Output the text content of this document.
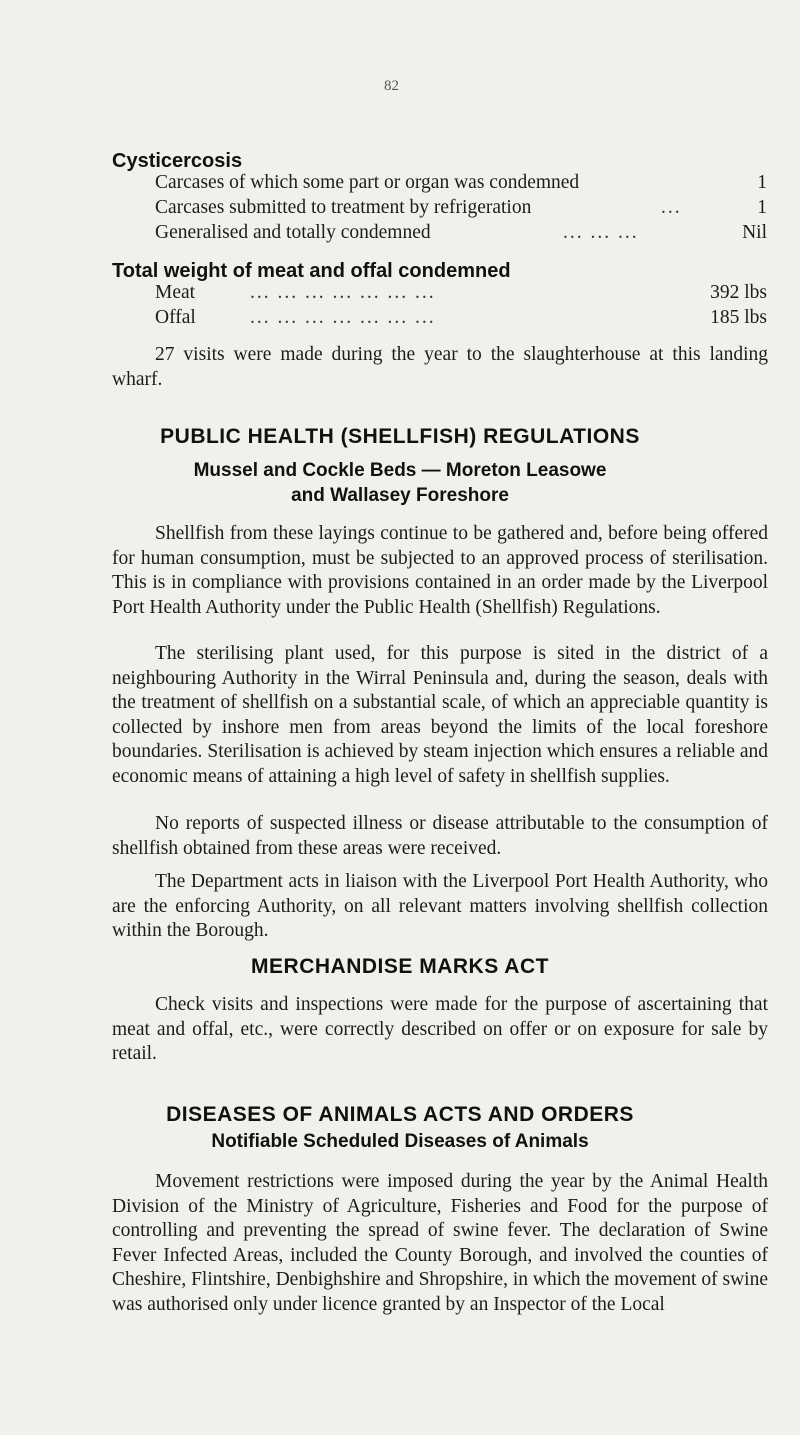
82
Cysticercosis
Carcases of which some part or organ was condemned	1
Carcases submitted to treatment by refrigeration	...	1
Generalised and totally condemned	... ... ...	Nil
Total weight of meat and offal condemned
Meat	... ... ... ... ... ... ...	392 lbs
Offal	... ... ... ... ... ... ...	185 lbs
27 visits were made during the year to the slaughterhouse at this landing wharf.
PUBLIC HEALTH (SHELLFISH) REGULATIONS
Mussel and Cockle Beds — Moreton Leasowe
and Wallasey Foreshore
Shellfish from these layings continue to be gathered and, before being offered for human consumption, must be subjected to an approved process of sterilisation. This is in compliance with provisions contained in an order made by the Liverpool Port Health Authority under the Public Health (Shellfish) Regulations.
The sterilising plant used, for this purpose is sited in the district of a neighbouring Authority in the Wirral Peninsula and, during the season, deals with the treatment of shellfish on a substantial scale, of which an appreciable quantity is collected by inshore men from areas beyond the limits of the local foreshore boundaries. Sterilisation is achieved by steam injection which ensures a reliable and economic means of attaining a high level of safety in shellfish supplies.
No reports of suspected illness or disease attributable to the consumption of shellfish obtained from these areas were received.
The Department acts in liaison with the Liverpool Port Health Authority, who are the enforcing Authority, on all relevant matters involving shellfish collection within the Borough.
MERCHANDISE MARKS ACT
Check visits and inspections were made for the purpose of ascertaining that meat and offal, etc., were correctly described on offer or on exposure for sale by retail.
DISEASES OF ANIMALS ACTS AND ORDERS
Notifiable Scheduled Diseases of Animals
Movement restrictions were imposed during the year by the Animal Health Division of the Ministry of Agriculture, Fisheries and Food for the purpose of controlling and preventing the spread of swine fever. The declaration of Swine Fever Infected Areas, included the County Borough, and involved the counties of Cheshire, Flintshire, Denbighshire and Shropshire, in which the movement of swine was authorised only under licence granted by an Inspector of the Local
